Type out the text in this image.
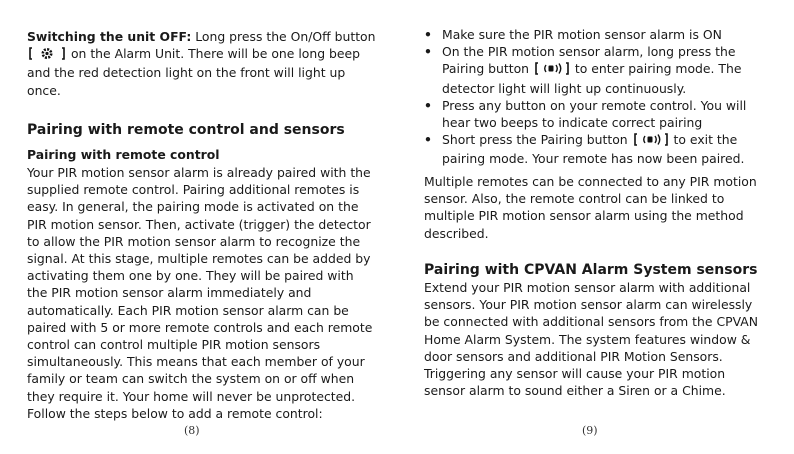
Switching the unit OFF: Long press the On/Off button
on the Alarm Unit. There will be one long beep
and the red detection light on the front will light up once.
Pairing with remote control and sensors
Pairing with remote control
Your PIR motion sensor alarm is already paired with the supplied remote control. Pairing additional remotes is easy. In general, the pairing mode is activated on the PIR motion sensor. Then, activate (trigger) the detector to allow the PIR motion sensor alarm to recognize the signal. At this stage, multiple remotes can be added by activating them one by one. They will be paired with the PIR motion sensor alarm immediately and automatically. Each PIR motion sensor alarm can be paired with 5 or more remote controls and each remote control can control multiple PIR motion sensors simultaneously. This means that each member of your family or team can switch the system on or off when they require it. Your home will never be unprotected. Follow the steps below to add a remote control:
(8)
• Make sure the PIR motion sensor alarm is ON
• On the PIR motion sensor alarm, long press the Pairing button	to enter pairing mode. The detector light will light up continuously.
• Press any button on your remote control. You will hear two beeps to indicate correct pairing
• Short press the Pairing button	to exit the pairing mode. Your remote has now been paired.
Multiple remotes can be connected to any PIR motion sensor. Also, the remote control can be linked to multiple PIR motion sensor alarm using the method described.
Pairing with CPVAN Alarm System sensors
Extend your PIR motion sensor alarm with additional sensors. Your PIR motion sensor alarm can wirelessly be connected with additional sensors from the CPVAN Home Alarm System. The system features window & door sensors and additional PIR Motion Sensors. Triggering any sensor will cause your PIR motion sensor alarm to sound either a Siren or a Chime.
(9)
